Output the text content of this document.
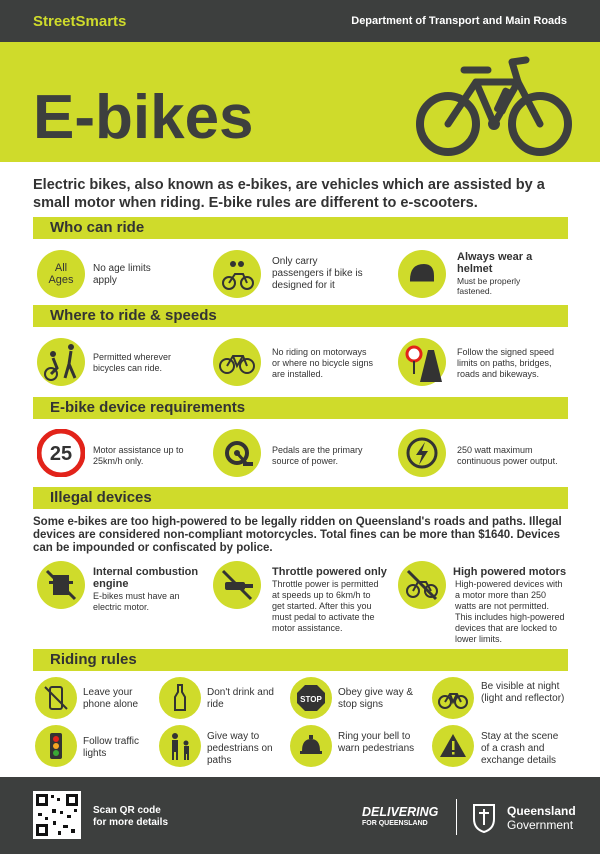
StreetSmarts	Department of Transport and Main Roads
E-bikes
Electric bikes, also known as e-bikes, are vehicles which are assisted by a small motor when riding. E-bike rules are different to e-scooters.
Who can ride
All
Ages
No age limits apply
Only carry passengers if bike is designed for it
Always wear a helmet
Must be properly fastened.
Where to ride & speeds
Permitted wherever bicycles can ride.
No riding on motorways or where no bicycle signs are installed.
Follow the signed speed limits on paths, bridges, roads and bikeways.
E-bike device requirements
25 Motor assistance up to 25km/h only.
Pedals are the primary source of power.
250 watt maximum continuous power output.
Illegal devices
Some e-bikes are too high-powered to be legally ridden on Queensland's roads and paths. Illegal devices are considered non-compliant motorcycles. Total fines can be more than $1640. Devices can be impounded or confiscated by police.
Internal combustion engine
E-bikes must have an electric motor.
Throttle powered only
Throttle power is permitted at speeds up to 6km/h to get started. After this you must pedal to activate the motor assistance.
High powered motors
High-powered devices with a motor more than 250 watts are not permitted. This includes high-powered devices that are locked to lower limits.
Riding rules
Leave your phone alone
Don't drink and ride	STOP
Obey give way & stop signs
Be visible at night (light and reflector)
Follow traffic lights
Give way to pedestrians on paths
Ring your bell to warn pedestrians
Stay at the scene of a crash and exchange details
Scan QR code
for more details
DELIVERING
FOR QUEENSLAND
Queensland
Government
